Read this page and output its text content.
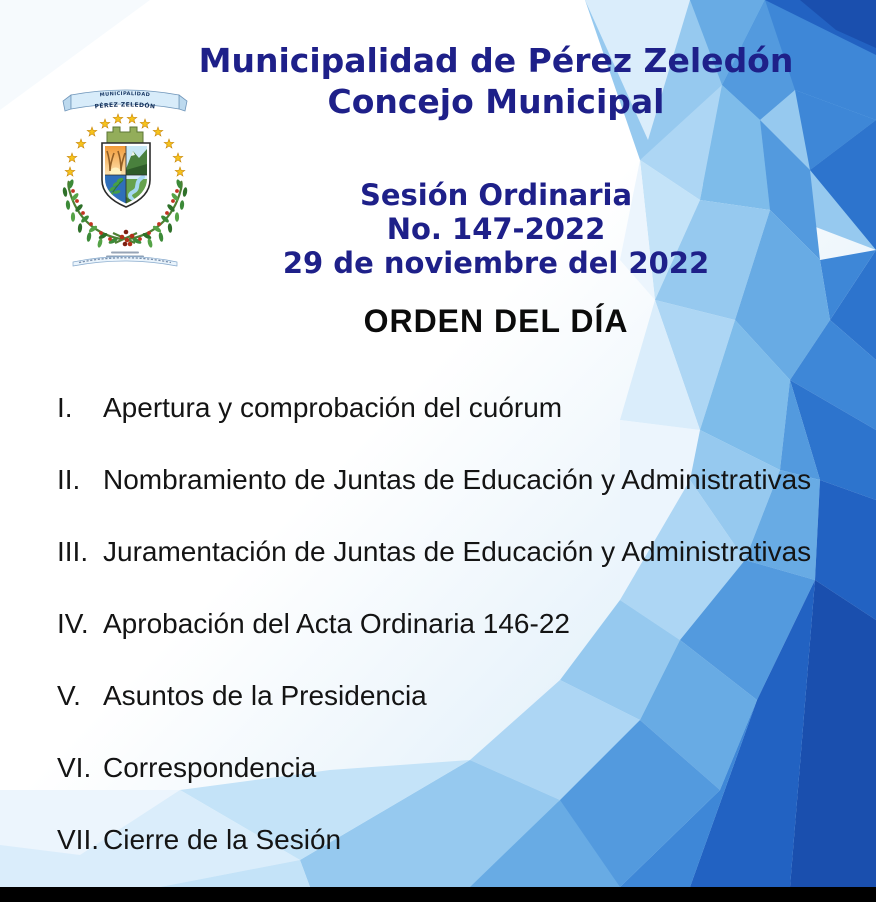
MUNICIPALIDAD
PÉREZ ZELEDÓN
Municipalidad de Pérez Zeledón
Concejo Municipal
Sesión Ordinaria
No. 147-2022
29 de noviembre del 2022
ORDEN DEL DÍA
I.	Apertura y comprobación del cuórum
II. Nombramiento de Juntas de Educación y Administrativas
III. Juramentación de Juntas de Educación y Administrativas
IV. Aprobación del Acta Ordinaria 146-22
V. Asuntos de la Presidencia
VI. Correspondencia
VII. Cierre de la Sesión
